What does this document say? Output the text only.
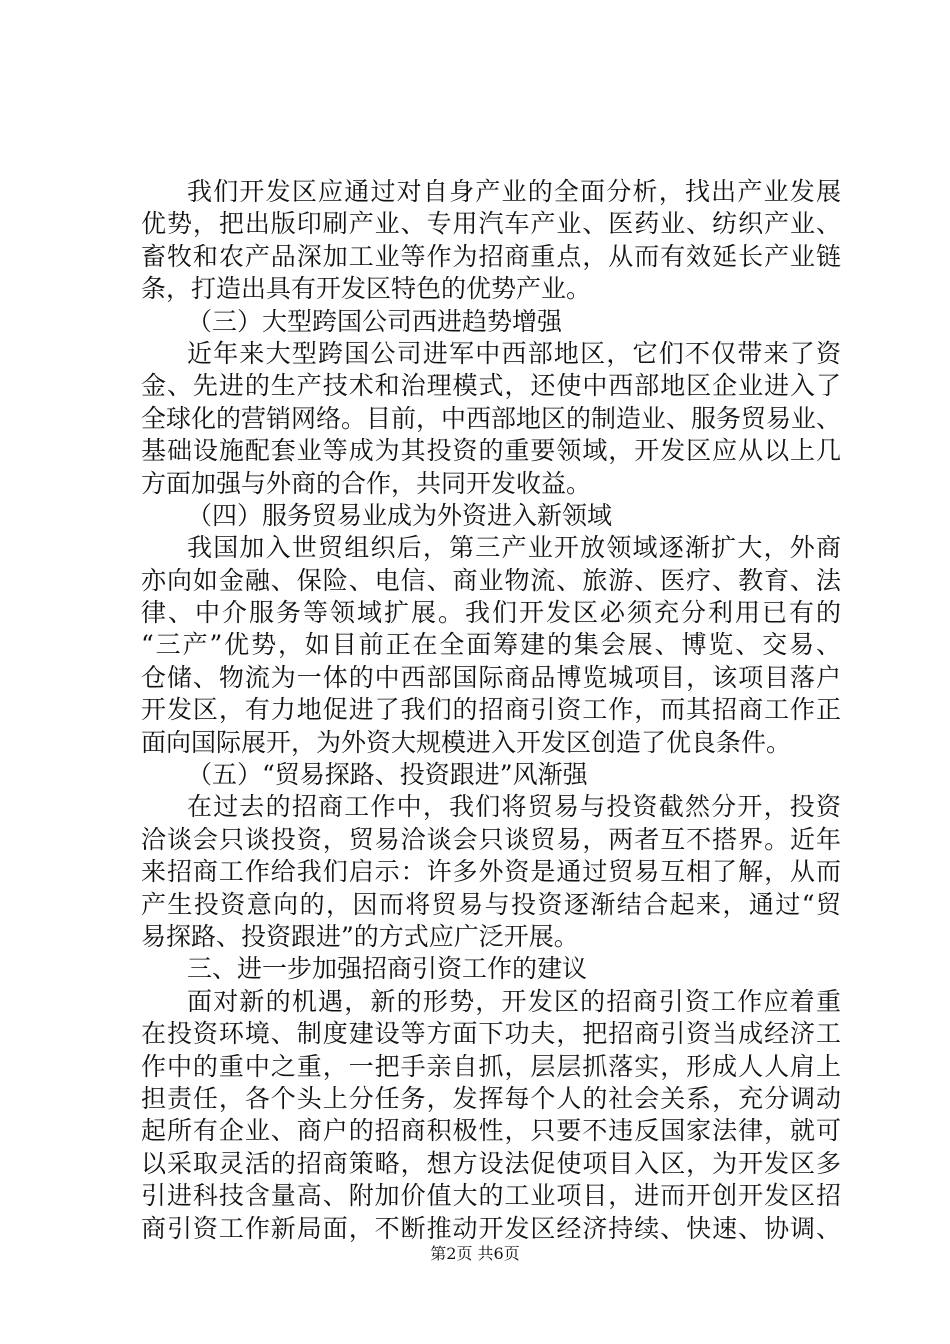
我们开发区应通过对自身产业的全面分析，找出产业发展
优势，把出版印刷产业、专用汽车产业、医药业、纺织产业、
畜牧和农产品深加工业等作为招商重点，从而有效延长产业链
条，打造出具有开发区特色的优势产业。
（三）大型跨国公司西进趋势增强
近年来大型跨国公司进军中西部地区，它们不仅带来了资
金、先进的生产技术和治理模式，还使中西部地区企业进入了
全球化的营销网络。目前，中西部地区的制造业、服务贸易业、
基础设施配套业等成为其投资的重要领域，开发区应从以上几
方面加强与外商的合作，共同开发收益。
（四）服务贸易业成为外资进入新领域
我国加入世贸组织后，第三产业开放领域逐渐扩大，外商
亦向如金融、保险、电信、商业物流、旅游、医疗、教育、法
律、中介服务等领域扩展。我们开发区必须充分利用已有的
“三产”优势，如目前正在全面筹建的集会展、博览、交易、
仓储、物流为一体的中西部国际商品博览城项目，该项目落户
开发区，有力地促进了我们的招商引资工作，而其招商工作正
面向国际展开，为外资大规模进入开发区创造了优良条件。
（五）“贸易探路、投资跟进”风渐强
在过去的招商工作中，我们将贸易与投资截然分开，投资
洽谈会只谈投资，贸易洽谈会只谈贸易，两者互不搭界。近年
来招商工作给我们启示：许多外资是通过贸易互相了解，从而
产生投资意向的，因而将贸易与投资逐渐结合起来，通过“贸
易探路、投资跟进”的方式应广泛开展。
三、进一步加强招商引资工作的建议
面对新的机遇，新的形势，开发区的招商引资工作应着重
在投资环境、制度建设等方面下功夫，把招商引资当成经济工
作中的重中之重，一把手亲自抓，层层抓落实，形成人人肩上
担责任，各个头上分任务，发挥每个人的社会关系，充分调动
起所有企业、商户的招商积极性，只要不违反国家法律，就可
以采取灵活的招商策略，想方设法促使项目入区，为开发区多
引进科技含量高、附加价值大的工业项目，进而开创开发区招
商引资工作新局面，不断推动开发区经济持续、快速、协调、
第2页 共6页
